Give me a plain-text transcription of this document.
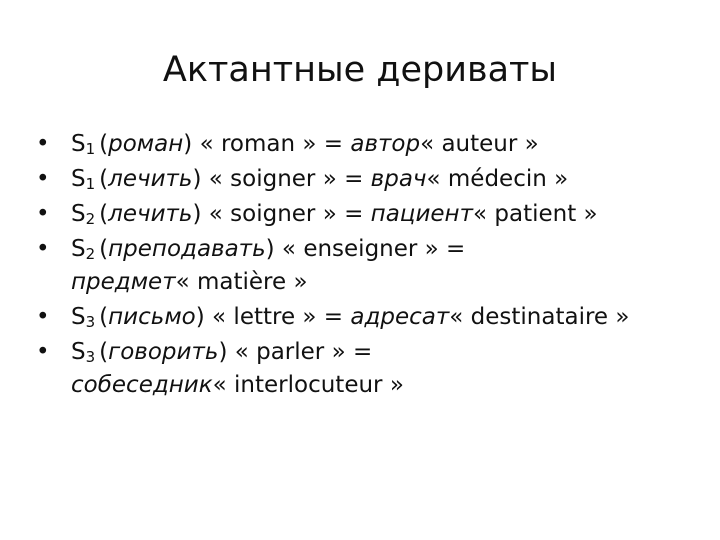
Актантные дериваты
• $S_1$ (роман) « roman » = автор« auteur »
• $S_1$ (лечить) « soigner » = врач« médecin »
• $S_2$ (лечить) « soigner » = пациент« patient »
• $S_2$ (преподавать) « enseigner » =
предмет« matière »
• $S_3$ (письмо) « lettre » = адресат« destinataire »
• $S_3$ (говорить) « parler » =
собеседник« interlocuteur »
